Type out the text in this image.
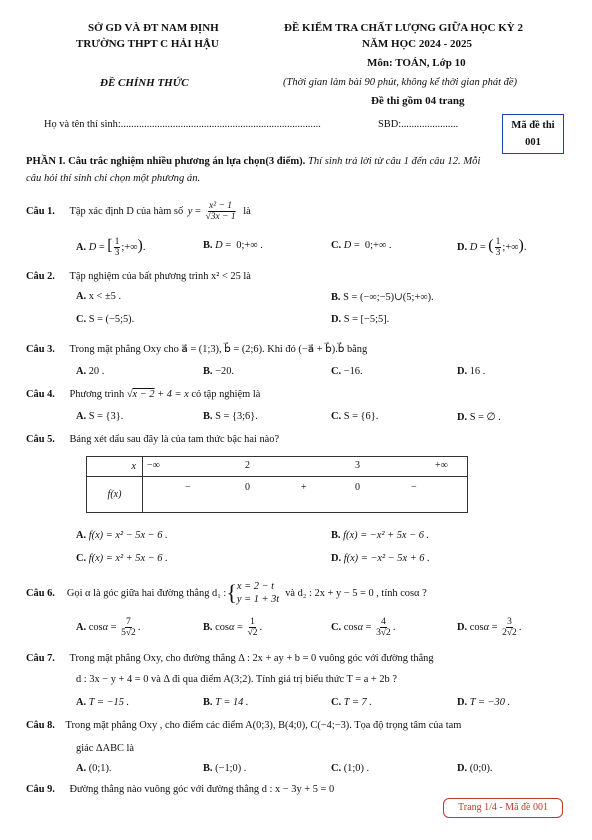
SỞ GD VÀ ĐT NAM ĐỊNH
TRƯỜNG THPT C HẢI HẬU
ĐỀ CHÍNH THỨC
ĐỀ KIỂM TRA CHẤT LƯỢNG GIỮA HỌC KỲ 2
NĂM HỌC 2024 - 2025
Môn: TOÁN, Lớp 10
(Thời gian làm bài 90 phút, không kể thời gian phát đề)
Đề thi gồm 04 trang
Họ và tên thí sinh:.............................................................................	SBD:......................	Mã đề thi
001
PHẦN I. Câu trắc nghiệm nhiều phương án lựa chọn(3 điểm). Thí sinh trả lời từ câu 1 đến câu 12. Mỗi
câu hỏi thí sinh chỉ chọn một phương án.
Câu 1. Tập xác định D của hàm số $y = \frac{\text{x² − 1}}{√3x - 1}$ là
A. D = [ $\frac{1}{3}$ ;+∞).	B. D =  0;+∞ .	C. D =  0;+∞ .	D. D = ( $\frac{1}{3}$ ;+∞).
Câu 2. Tập nghiệm của bất phương trình x² < 25 là
A. x < ±5 .	B. S = (−∞;−5)∪(5;+∞).
C. S = (−5;5).	D. S = [−5;5].
Câu 3. Trong mặt phẳng Oxy cho a⃗ = (1;3), b⃗ = (2;6). Khi đó (−a⃗ + b⃗).b⃗ bằng
A. 20 .	B. −20.	C. −16.	D. 16 .
Câu 4. Phương trình √x − 2 + 4 = x có tập nghiệm là
A. S = {3}.	B. S = {3;6}.	C. S = {6}.	D. S = ∅ .
Câu 5. Bảng xét dấu sau đây là của tam thức bậc hai nào?
x	−∞ 2 3 +∞

f(x)	− 0 + 0 −
A. f(x) = x² − 5x − 6 .	B. f(x) = −x² + 5x − 6 .
C. f(x) = x² + 5x − 6 .	D. f(x) = −x² − 5x + 6 .
Câu 6. Gọi α là góc giữa hai đường thẳng d₁ : { x = 2 − t
y = 1 + 3t
và d₂ : 2x + y − 5 = 0 , tính cosα ?
A. $\cos\alpha = \frac{7}{5√2}$ .	B. $\cos\alpha = \frac{1}{√2}$ .	C. $\cos\alpha = \frac{4}{3√2}$ .	D. $\cos\alpha = \frac{3}{2√2}$ .
Câu 7. Trong mặt phẳng Oxy, cho đường thẳng Δ : 2x + ay + b = 0 vuông góc với đường thẳng
d : 3x − y + 4 = 0 và Δ đi qua điểm A(3;2). Tính giá trị biểu thức T = a + 2b ?
A. T = −15 .	B. T = 14 .	C. T = 7 .	D. T = −30 .
Câu 8. Trong mặt phẳng Oxy , cho điểm các điểm A(0;3), B(4;0), C(−4;−3). Tọa độ trọng tâm của tam
giác ΔABC là
A. (0;1).	B. (−1;0) .	C. (1;0) .	D. (0;0).
Câu 9. Đường thẳng nào vuông góc với đường thẳng d : x − 3y + 5 = 0
Trang 1/4 - Mã đề 001
